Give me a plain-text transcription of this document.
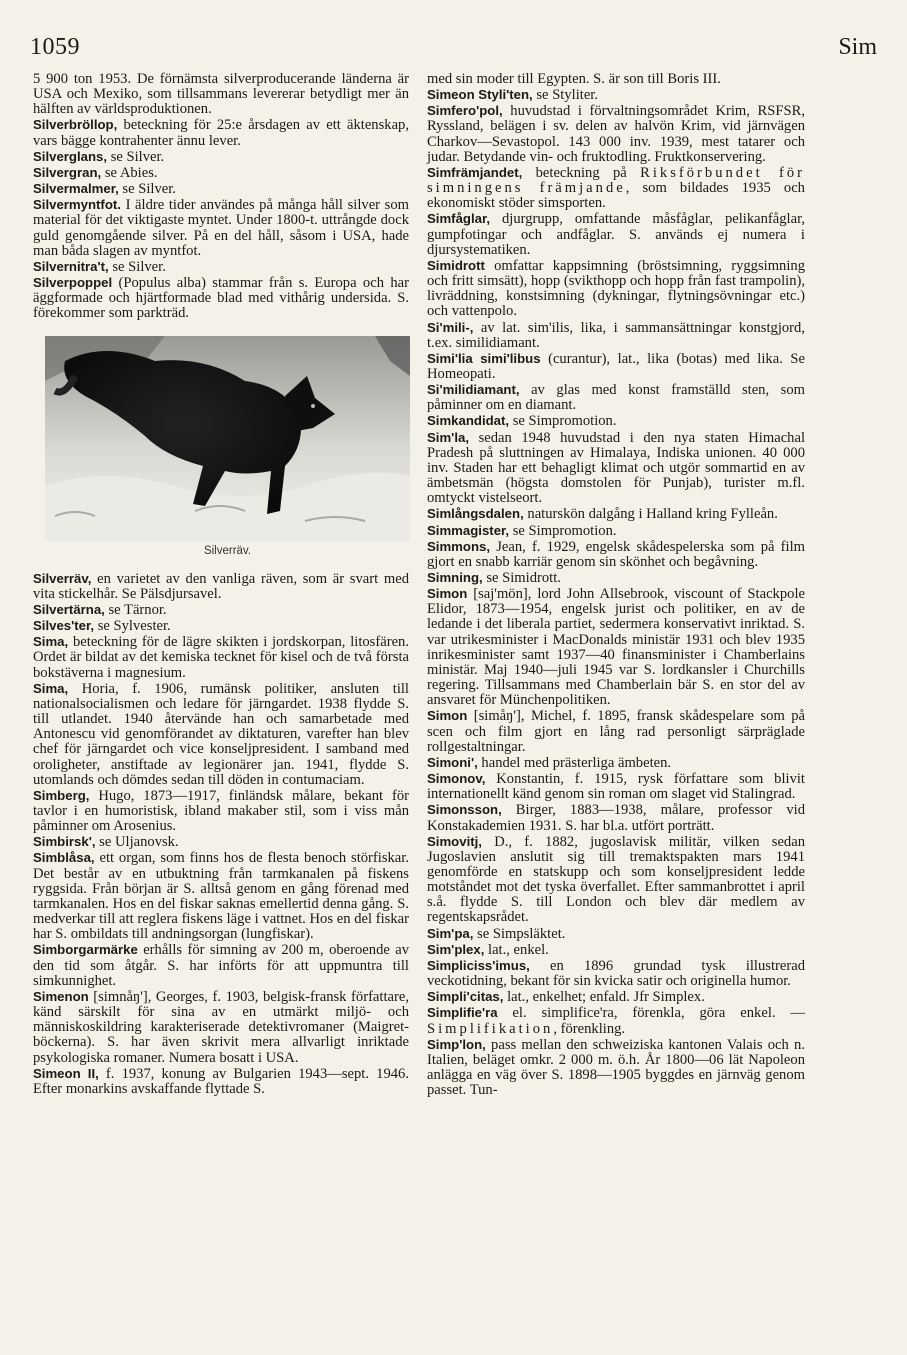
1059	Sim

5 900 ton 1953. De förnämsta silverproducerande länderna är USA och Mexiko, som tillsammans levererar betydligt mer än hälften av världsproduktionen.

Silverbröllop, beteckning för 25:e årsdagen av ett äktenskap, vars bägge kontrahenter ännu lever.

Silverglans, se Silver.

Silvergran, se Abies.

Silvermalmer, se Silver.

Silvermyntfot. I äldre tider användes på många håll silver som material för det viktigaste myntet. Under 1800-t. uttrångde dock guld genomgående silver. På en del håll, såsom i USA, hade man båda slagen av myntfot.

Silvernitra't, se Silver.

Silverpoppel (Populus alba) stammar från s. Europa och har äggformade och hjärtformade blad med vithårig undersida. S. förekommer som parkträd.

Silverräv.

Silverräv, en varietet av den vanliga räven, som är svart med vita stickelhår. Se Pälsdjursavel.

Silvertärna, se Tärnor.

Silves'ter, se Sylvester.

Sima, beteckning för de lägre skikten i jordskorpan, litosfären. Ordet är bildat av det kemiska tecknet för kisel och de två första bokstäverna i magnesium.

Sima, Horia, f. 1906, rumänsk politiker, ansluten till nationalsocialismen och ledare för järngardet. 1938 flydde S. till utlandet. 1940 återvände han och samarbetade med Antonescu vid genomförandet av diktaturen, varefter han blev chef för järngardet och vice konseljpresident. I samband med oroligheter, anstiftade av legionärer jan. 1941, flydde S. utomlands och dömdes sedan till döden in contumaciam.

Simberg, Hugo, 1873—1917, finländsk målare, bekant för tavlor i en humoristisk, ibland makaber stil, som i viss mån påminner om Arosenius.

Simbirsk', se Uljanovsk.

Simblåsa, ett organ, som finns hos de flesta benoch störfiskar. Det består av en utbuktning från tarmkanalen på fiskens ryggsida. Från början är S. alltså genom en gång förenad med tarmkanalen. Hos en del fiskar saknas emellertid denna gång. S. medverkar till att reglera fiskens läge i vattnet. Hos en del fiskar har S. ombildats till andningsorgan (lungfiskar).

Simborgarmärke erhålls för simning av 200 m, oberoende av den tid som åtgår. S. har införts för att uppmuntra till simkunnighet.

Simenon [simnåŋ'], Georges, f. 1903, belgisk-fransk författare, känd särskilt för sina av en utmärkt miljö- och människoskildring karakteriserade detektivromaner (Maigret-böckerna). S. har även skrivit mera allvarligt inriktade psykologiska romaner. Numera bosatt i USA.

Simeon II, f. 1937, konung av Bulgarien 1943—sept. 1946. Efter monarkins avskaffande flyttade S.

med sin moder till Egypten. S. är son till Boris III.

Simeon Styli'ten, se Styliter.

Simfero'pol, huvudstad i förvaltningsområdet Krim, RSFSR, Ryssland, belägen i sv. delen av halvön Krim, vid järnvägen Charkov—Sevastopol. 143 000 inv. 1939, mest tatarer och judar. Betydande vin- och fruktodling. Fruktkonservering.

Simfrämjandet, beteckning på Riksförbundet för simningens främjande, som bildades 1935 och ekonomiskt stöder simsporten.

Simfåglar, djurgrupp, omfattande måsfåglar, pelikanfåglar, gumpfotingar och andfåglar. S. används ej numera i djursystematiken.

Simidrott omfattar kappsimning (bröstsimning, ryggsimning och fritt simsätt), hopp (svikthopp och hopp från fast trampolin), livräddning, konstsimning (dykningar, flytningsövningar etc.) och vattenpolo.

Si'mili-, av lat. sim'ilis, lika, i sammansättningar konstgjord, t.ex. similidiamant.

Simi'lia simi'libus (curantur), lat., lika (botas) med lika. Se Homeopati.

Si'milidiamant, av glas med konst framställd sten, som påminner om en diamant.

Simkandidat, se Simpromotion.

Sim'la, sedan 1948 huvudstad i den nya staten Himachal Pradesh på sluttningen av Himalaya, Indiska unionen. 40 000 inv. Staden har ett behagligt klimat och utgör sommartid en av ämbetsmän (högsta domstolen för Punjab), turister m.fl. omtyckt vistelseort.

Simlångsdalen, naturskön dalgång i Halland kring Fylleån.

Simmagister, se Simpromotion.

Simmons, Jean, f. 1929, engelsk skådespelerska som på film gjort en snabb karriär genom sin skönhet och begåvning.

Simning, se Simidrott.

Simon [saj'mön], lord John Allsebrook, viscount of Stackpole Elidor, 1873—1954, engelsk jurist och politiker, en av de ledande i det liberala partiet, sedermera konservativt inriktad. S. var utrikesminister i MacDonalds ministär 1931 och blev 1935 inrikesminister samt 1937—40 finansminister i Chamberlains ministär. Maj 1940—juli 1945 var S. lordkansler i Churchills regering. Tillsammans med Chamberlain bär S. en stor del av ansvaret för Münchenpolitiken.

Simon [simåŋ'], Michel, f. 1895, fransk skådespelare som på scen och film gjort en lång rad personligt särpräglade rollgestaltningar.

Simoni', handel med prästerliga ämbeten.

Simonov, Konstantin, f. 1915, rysk författare som blivit internationellt känd genom sin roman om slaget vid Stalingrad.

Simonsson, Birger, 1883—1938, målare, professor vid Konstakademien 1931. S. har bl.a. utfört porträtt.

Simovitj, D., f. 1882, jugoslavisk militär, vilken sedan Jugoslavien anslutit sig till tremaktspakten mars 1941 genomförde en statskupp och som konseljpresident ledde motståndet mot det tyska överfallet. Efter sammanbrottet i april s.å. flydde S. till London och blev där medlem av regentskapsrådet.

Sim'pa, se Simpsläktet.

Sim'plex, lat., enkel.

Simpliciss'imus, en 1896 grundad tysk illustrerad veckotidning, bekant för sin kvicka satir och originella humor.

Simpli'citas, lat., enkelhet; enfald. Jfr Simplex.

Simplifie'ra el. simplifice'ra, förenkla, göra enkel. — Simplifikation, förenkling.

Simp'lon, pass mellan den schweiziska kantonen Valais och n. Italien, beläget omkr. 2 000 m. ö.h. År 1800—06 lät Napoleon anlägga en väg över S. 1898—1905 byggdes en järnväg genom passet. Tun-
